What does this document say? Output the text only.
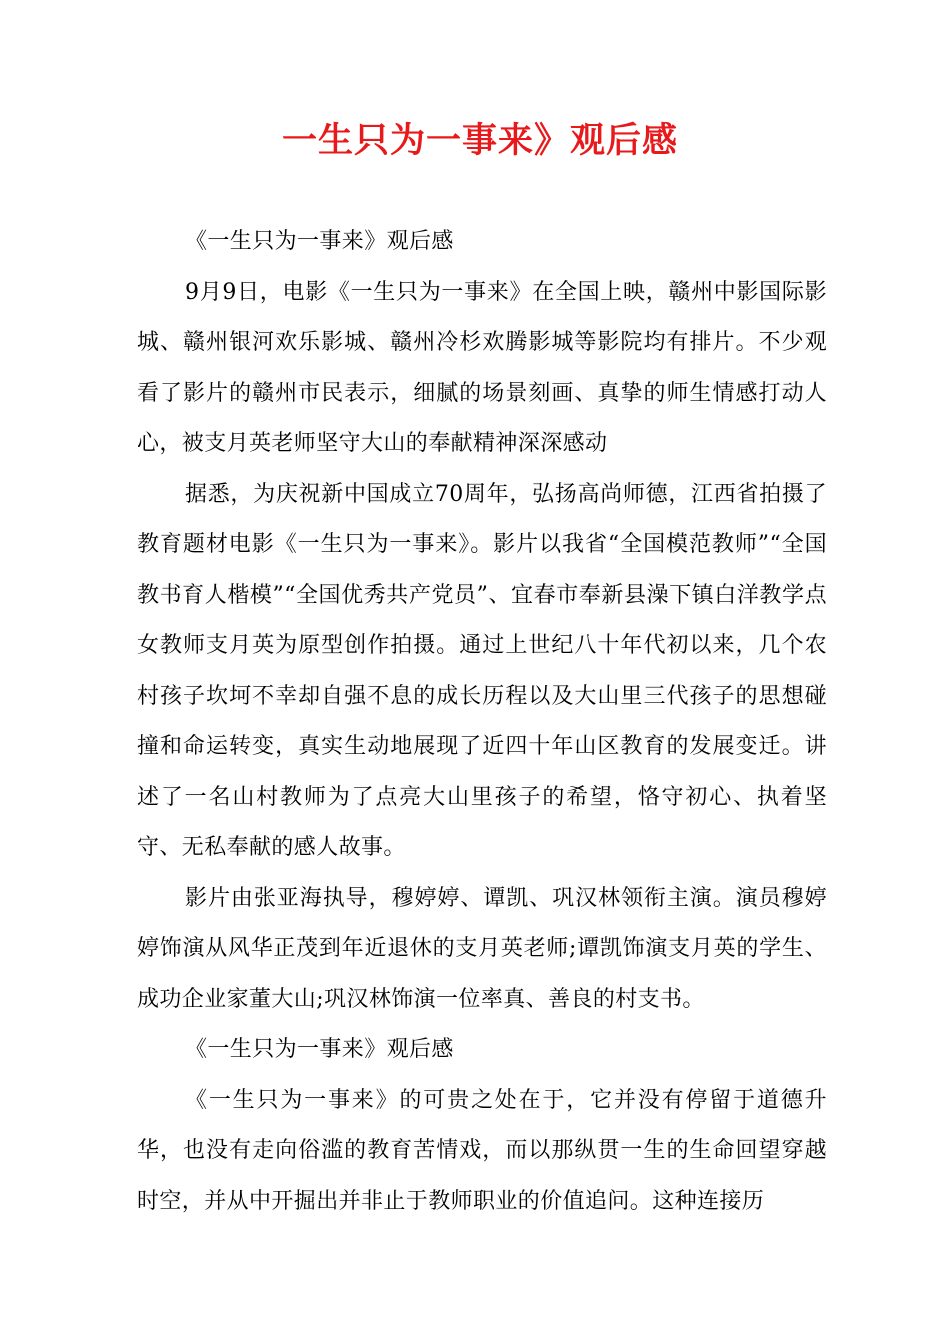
一生只为一事来》观后感

《一生只为一事来》观后感

9月9日，电影《一生只为一事来》在全国上映，赣州中影国际影城、赣州银河欢乐影城、赣州冷杉欢腾影城等影院均有排片。不少观看了影片的赣州市民表示，细腻的场景刻画、真挚的师生情感打动人心，被支月英老师坚守大山的奉献精神深深感动

据悉，为庆祝新中国成立70周年，弘扬高尚师德，江西省拍摄了教育题材电影《一生只为一事来》。影片以我省“全国模范教师”“全国教书育人楷模”“全国优秀共产党员”、宜春市奉新县澡下镇白洋教学点女教师支月英为原型创作拍摄。通过上世纪八十年代初以来，几个农村孩子坎坷不幸却自强不息的成长历程以及大山里三代孩子的思想碰撞和命运转变，真实生动地展现了近四十年山区教育的发展变迁。讲述了一名山村教师为了点亮大山里孩子的希望，恪守初心、执着坚守、无私奉献的感人故事。

影片由张亚海执导，穆婷婷、谭凯、巩汉林领衔主演。演员穆婷婷饰演从风华正茂到年近退休的支月英老师;谭凯饰演支月英的学生、成功企业家董大山;巩汉林饰演一位率真、善良的村支书。

《一生只为一事来》观后感

《一生只为一事来》的可贵之处在于，它并没有停留于道德升华，也没有走向俗滥的教育苦情戏，而以那纵贯一生的生命回望穿越时空，并从中开掘出并非止于教师职业的价值追问。这种连接历
